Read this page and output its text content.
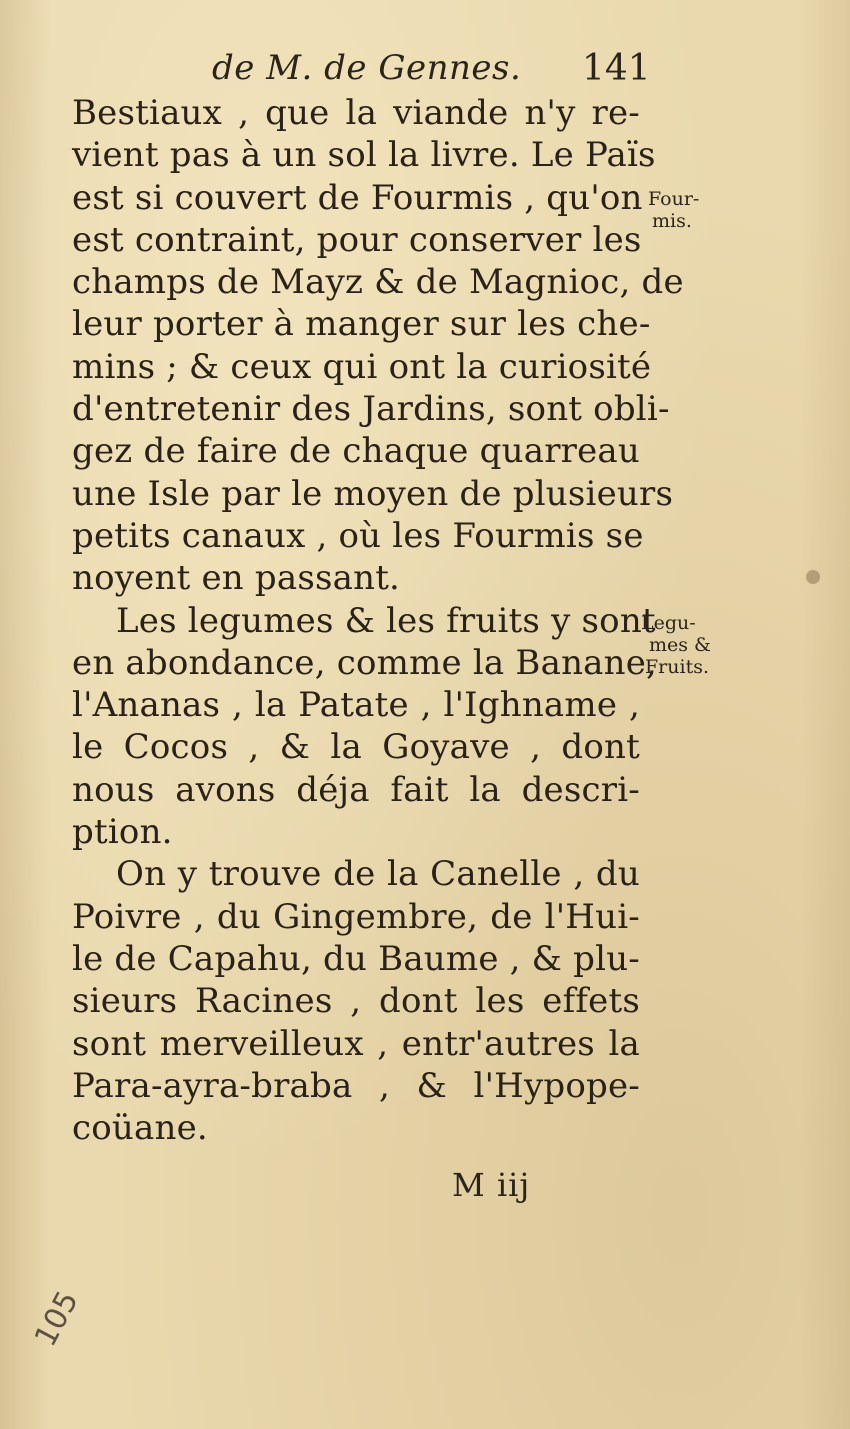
de M. de Gennes. 141
Bestiaux , que la viande n'y re-
vient pas à un sol la livre. Le Païs
est si couvert de Fourmis , qu'on
est contraint, pour conserver les
champs de Mayz & de Magnioc, de
leur porter à manger sur les che-
mins ; & ceux qui ont la curiosité
d'entretenir des Jardins, sont obli-
gez de faire de chaque quarreau
une Isle par le moyen de plusieurs
petits canaux , où les Fourmis se
noyent en passant.
Les legumes & les fruits y sont
en abondance, comme la Banane,
l'Ananas , la Patate , l'Ighname ,
le Cocos , & la Goyave , dont
nous avons déja fait la descri-
ption.
On y trouve de la Canelle , du
Poivre , du Gingembre, de l'Hui-
le de Capahu, du Baume , & plu-
sieurs Racines , dont les effets
sont merveilleux , entr'autres la
Para-ayra-braba , & l'Hypope-
coüane.
Four-
mis.
Legu-
mes &
Fruits.
M iij
105
